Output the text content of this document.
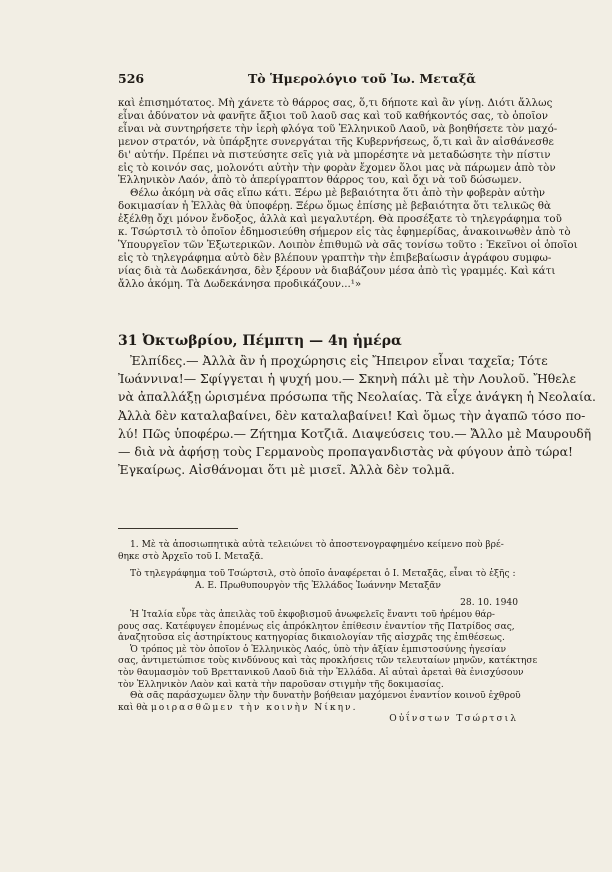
526	Τὸ Ἡμερολόγιο τοῦ Ἰω. Μεταξᾶ

καὶ ἐπισημότατος. Μὴ χάνετε τὸ θάρρος σας, ὅ,τι δήποτε καὶ ἂν γίνῃ. Διότι ἄλλως

εἶναι ἀδύνατον νὰ φανῆτε ἄξιοι τοῦ λαοῦ σας καὶ τοῦ καθήκοντός σας, τὸ ὁποῖον

εἶναι νὰ συντηρήσετε τὴν ἱερὴ φλόγα τοῦ Ἑλληνικοῦ Λαοῦ, νὰ βοηθήσετε τὸν μαχό-

μενον στρατόν, νὰ ὑπάρξητε συνεργάται τῆς Κυβερνήσεως, ὅ,τι καὶ ἂν αἰσθάνεσθε

δι' αὐτήν. Πρέπει νὰ πιστεύσητε σεῖς γιὰ νὰ μπορέσητε νὰ μεταδώσητε τὴν πίστιν

εἰς τὸ κοινόν σας, μολονότι αὐτὴν τὴν φορὰν ἔχομεν ὅλοι μας νὰ πάρωμεν ἀπὸ τὸν

Ἑλληνικὸν Λαόν, ἀπὸ τὸ ἀπερίγραπτον θάρρος του, καὶ ὄχι νὰ τοῦ δώσωμεν.

Θέλω ἀκόμη νὰ σᾶς εἴπω κάτι. Ξέρω μὲ βεβαιότητα ὅτι ἀπὸ τὴν φοβερὰν αὐτὴν

δοκιμασίαν ἡ Ἑλλὰς θὰ ὑποφέρῃ. Ξέρω ὅμως ἐπίσης μὲ βεβαιότητα ὅτι τελικῶς θὰ

ἐξέλθῃ ὄχι μόνον ἔνδοξος, ἀλλὰ καὶ μεγαλυτέρη. Θὰ προσέξατε τὸ τηλεγράφημα τοῦ

κ. Τσώρτσιλ τὸ ὁποῖον ἐδημοσιεύθη σήμερον εἰς τὰς ἐφημερίδας, ἀνακοινωθὲν ἀπὸ τὸ

Ὑπουργεῖον τῶν Ἐξωτερικῶν. Λοιπὸν ἐπιθυμῶ νὰ σᾶς τονίσω τοῦτο : Ἐκεῖνοι οἱ ὁποῖοι

εἰς τὸ τηλεγράφημα αὐτὸ δὲν βλέπουν γραπτὴν τὴν ἐπιβεβαίωσιν ἀγράφου συμφω-

νίας διὰ τὰ Δωδεκάνησα, δὲν ξέρουν νὰ διαβάζουν μέσα ἀπὸ τὶς γραμμές. Καὶ κάτι

ἄλλο ἀκόμη. Τὰ Δωδεκάνησα προδικάζουν...¹»

31 Ὀκτωβρίου, Πέμπτη — 4η ἡμέρα

Ἐλπίδες.— Ἀλλὰ ἂν ἡ προχώρησις εἰς Ἤπειρον εἶναι ταχεῖα; Τότε

Ἰωάννινα!— Σφίγγεται ἡ ψυχή μου.— Σκηνὴ πάλι μὲ τὴν Λουλοῦ. Ἤθελε

νὰ ἀπαλλάξῃ ὡρισμένα πρόσωπα τῆς Νεολαίας. Τὰ εἶχε ἀνάγκη ἡ Νεολαία.

Ἀλλὰ δὲν καταλαβαίνει, δὲν καταλαβαίνει! Καὶ ὅμως τὴν ἀγαπῶ τόσο πο-

λύ! Πῶς ὑποφέρω.— Ζήτημα Κοτζιᾶ. Διαψεύσεις του.— Ἄλλο μὲ Μαυρουδῆ

— διὰ νὰ ἀφήσῃ τοὺς Γερμανοὺς προπαγανδιστὰς νὰ φύγουν ἀπὸ τώρα!

Ἐγκαίρως. Αἰσθάνομαι ὅτι μὲ μισεῖ. Ἀλλὰ δὲν τολμᾶ.

1. Μὲ τὰ ἀποσιωπητικὰ αὐτὰ τελειώνει τὸ ἀποστενογραφημένο κείμενο ποὺ βρέ-

θηκε στὸ Ἀρχεῖο τοῦ Ι. Μεταξᾶ.

Τὸ τηλεγράφημα τοῦ Τσώρτσιλ, στὸ ὁποῖο ἀναφέρεται ὁ Ι. Μεταξᾶς, εἶναι τὸ ἑξῆς :

Α. Ε. Πρωθυπουργὸν τῆς Ἑλλάδος Ἰωάννην Μεταξᾶν

28. 10. 1940

Ἡ Ἰταλία εὗρε τὰς ἀπειλὰς τοῦ ἐκφοβισμοῦ ἀνωφελεῖς ἔναντι τοῦ ἠρέμου θάρ-

ρους σας. Κατέφυγεν ἑπομένως εἰς ἀπρόκλητον ἐπίθεσιν ἐναντίον τῆς Πατρίδος σας,

ἀναζητοῦσα εἰς ἀστηρίκτους κατηγορίας δικαιολογίαν τῆς αἰσχρᾶς της ἐπιθέσεως.

Ὁ τρόπος μὲ τὸν ὁποῖον ὁ Ἑλληνικὸς Λαός, ὑπὸ τὴν ἀξίαν ἐμπιστοσύνης ἡγεσίαν

σας, ἀντιμετώπισε τοὺς κινδύνους καὶ τὰς προκλήσεις τῶν τελευταίων μηνῶν, κατέκτησε

τὸν θαυμασμὸν τοῦ Βρεττανικοῦ Λαοῦ διὰ τὴν Ἑλλάδα. Αἱ αὐταὶ ἀρεταὶ θὰ ἐνισχύσουν

τὸν Ἑλληνικὸν Λαὸν καὶ κατὰ τὴν παροῦσαν στιγμὴν τῆς δοκιμασίας.

Θὰ σᾶς παράσχωμεν ὅλην τὴν δυνατὴν βοήθειαν μαχόμενοι ἐναντίον κοινοῦ ἐχθροῦ

καὶ θὰ μοιρασθῶμεν τὴν κοινὴν Νίκην.

Οὐΐνστων Τσώρτσιλ
